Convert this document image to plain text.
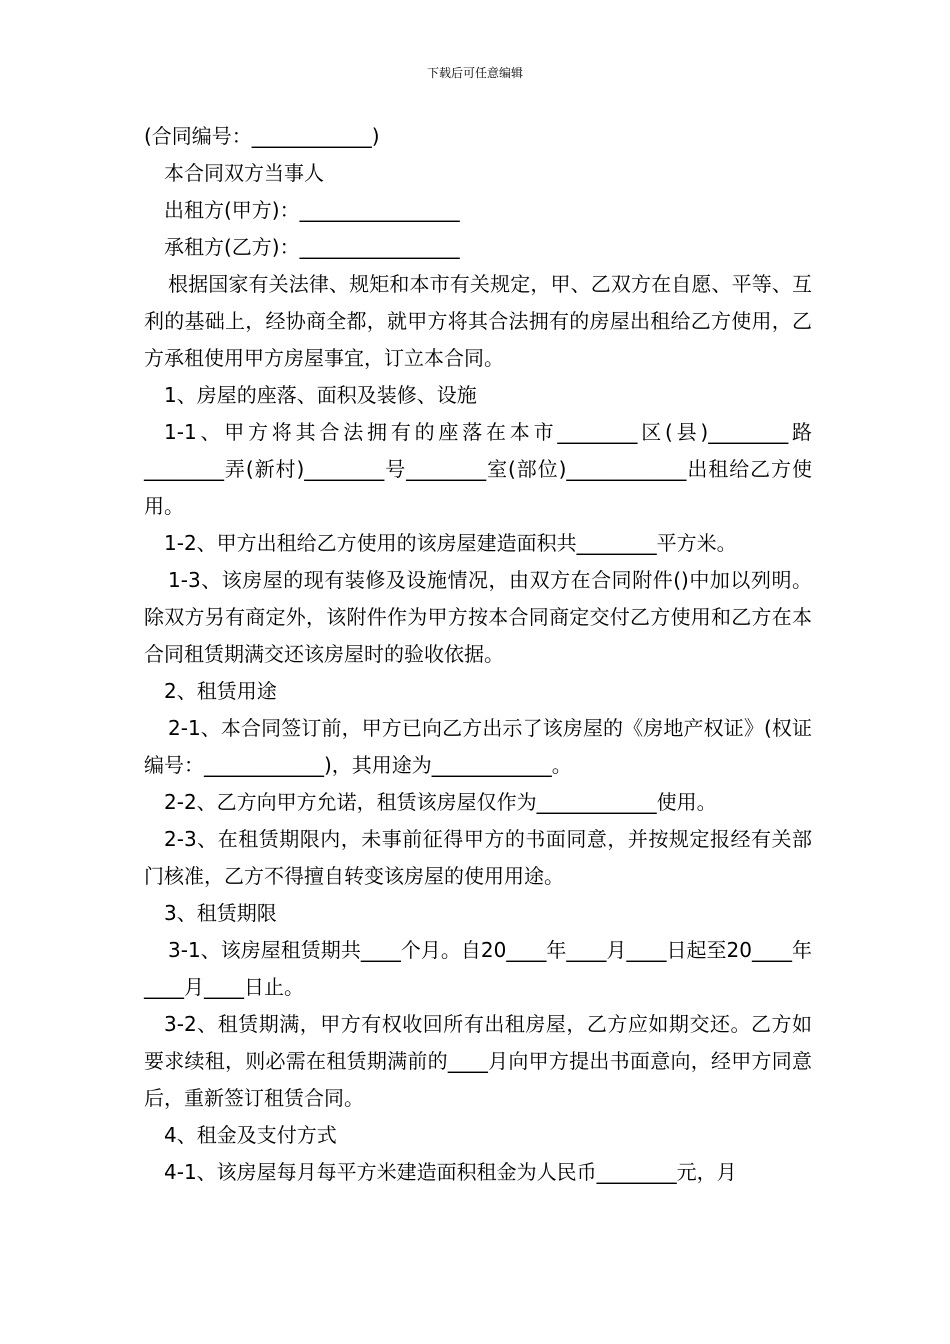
下载后可任意编辑

(合同编号：____________)

本合同双方当事人

出租方(甲方)：________________

承租方(乙方)：________________

根据国家有关法律、规矩和本市有关规定，甲、乙双方在自愿、平等、互利的基础上，经协商全都，就甲方将其合法拥有的房屋出租给乙方使用，乙方承租使用甲方房屋事宜，订立本合同。

1、房屋的座落、面积及装修、设施

1-1、甲方将其合法拥有的座落在本市________区(县)________路________弄(新村)________号________室(部位)____________出租给乙方使用。

1-2、甲方出租给乙方使用的该房屋建造面积共________平方米。

1-3、该房屋的现有装修及设施情况，由双方在合同附件()中加以列明。除双方另有商定外，该附件作为甲方按本合同商定交付乙方使用和乙方在本合同租赁期满交还该房屋时的验收依据。

2、租赁用途

2-1、本合同签订前，甲方已向乙方出示了该房屋的《房地产权证》(权证编号：____________)，其用途为____________。

2-2、乙方向甲方允诺，租赁该房屋仅作为____________使用。

2-3、在租赁期限内，未事前征得甲方的书面同意，并按规定报经有关部门核准，乙方不得擅自转变该房屋的使用用途。

3、租赁期限

3-1、该房屋租赁期共____个月。自20____年____月____日起至20____年____月____日止。

3-2、租赁期满，甲方有权收回所有出租房屋，乙方应如期交还。乙方如要求续租，则必需在租赁期满前的____月向甲方提出书面意向，经甲方同意后，重新签订租赁合同。

4、租金及支付方式

4-1、该房屋每月每平方米建造面积租金为人民币________元，月
